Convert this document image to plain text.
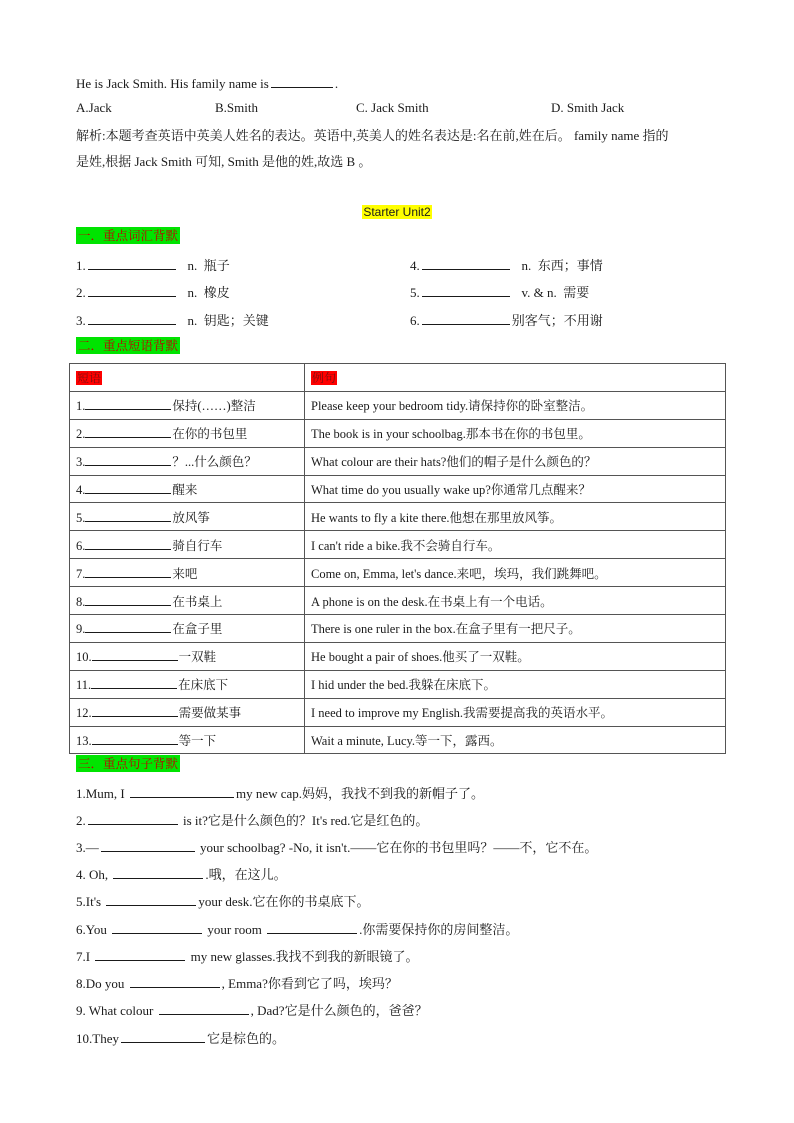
He is Jack Smith. His family name is	.
A.Jack	B.Smith	C. Jack Smith	D. Smith Jack
解析:本题考查英语中英美人姓名的表达。英语中,英美人的姓名表达是:名在前,姓在后。 family name 指的
是姓,根据 Jack Smith 可知, Smith 是他的姓,故选 B 。
Starter Unit2
一．重点词汇背默
1.	n. 瓶子
2.	n. 橡皮
3.	n. 钥匙；关键
4.	n. 东西；事情
5.	v. & n. 需要
6.	别客气；不用谢
二．重点短语背默
短语	例句
1. 保持(……)整洁	Please keep your bedroom tidy.请保持你的卧室整洁。
2. 在你的书包里	The book is in your schoolbag.那本书在你的书包里。
3. ？...什么颜色？	What colour are their hats?他们的帽子是什么颜色的？
4. 醒来	What time do you usually wake up?你通常几点醒来？
5. 放风筝	He wants to fly a kite there.他想在那里放风筝。
6. 骑自行车	I can't ride a bike.我不会骑自行车。
7. 来吧	Come on, Emma, let's dance.来吧，埃玛，我们跳舞吧。
8. 在书桌上	A phone is on the desk.在书桌上有一个电话。
9. 在盒子里	There is one ruler in the box.在盒子里有一把尺子。
10. 一双鞋	He bought a pair of shoes.他买了一双鞋。
11. 在床底下	I hid under the bed.我躲在床底下。
12. 需要做某事	I need to improve my English.我需要提高我的英语水平。
13. 等一下	Wait a minute, Lucy.等一下，露西。
三．重点句子背默
1.Mum, I	my new cap.妈妈，我找不到我的新帽子了。
2.	is it?它是什么颜色的？It's red.它是红色的。
3.—	your schoolbag? -No, it isn't.——它在你的书包里吗？——不，它不在。
4. Oh,	.哦，在这儿。
5.It's	your desk.它在你的书桌底下。
6.You	your room	.你需要保持你的房间整洁。
7.I	my new glasses.我找不到我的新眼镜了。
8.Do you	, Emma?你看到它了吗，埃玛？
9. What colour	, Dad?它是什么颜色的，爸爸？
10.They	它是棕色的。
